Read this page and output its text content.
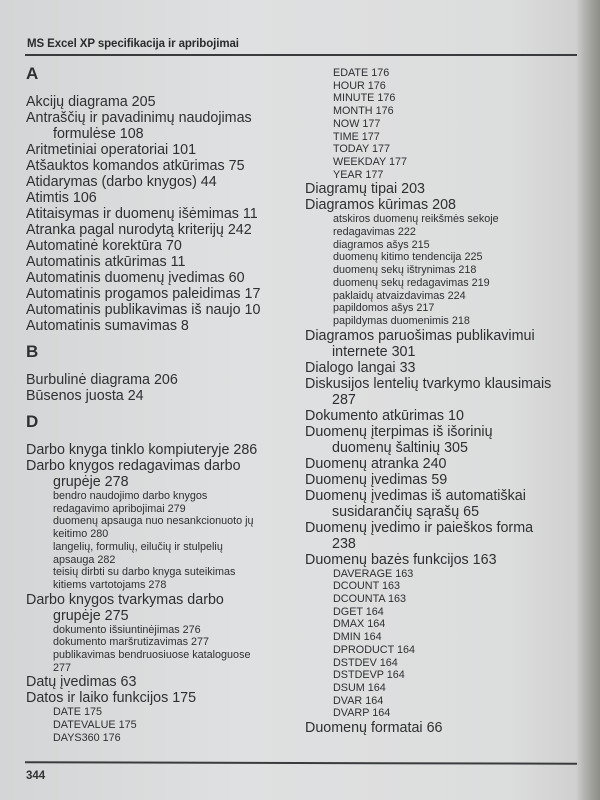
MS Excel XP specifikacija ir apribojimai
A
Akcijų diagrama 205
Antraščių ir pavadinimų naudojimas
formulėse 108
Aritmetiniai operatoriai 101
Atšauktos komandos atkūrimas 75
Atidarymas (darbo knygos) 44
Atimtis 106
Atitaisymas ir duomenų išėmimas 11
Atranka pagal nurodytą kriterijų 242
Automatinė korektūra 70
Automatinis atkūrimas 11
Automatinis duomenų įvedimas 60
Automatinis progamos paleidimas 17
Automatinis publikavimas iš naujo 10
Automatinis sumavimas 8
B
Burbulinė diagrama 206
Būsenos juosta 24
D
Darbo knyga tinklo kompiuteryje 286
Darbo knygos redagavimas darbo
grupėje 278
bendro naudojimo darbo knygos
redagavimo apribojimai 279
duomenų apsauga nuo nesankcionuoto jų
keitimo 280
langelių, formulių, eilučių ir stulpelių
apsauga 282
teisių dirbti su darbo knyga suteikimas
kitiems vartotojams 278
Darbo knygos tvarkymas darbo
grupėje 275
dokumento išsiuntinėjimas 276
dokumento maršrutizavimas 277
publikavimas bendruosiuose kataloguose
277
Datų įvedimas 63
Datos ir laiko funkcijos 175
DATE 175
DATEVALUE 175
DAYS360 176
EDATE 176
HOUR 176
MINUTE 176
MONTH 176
NOW 177
TIME 177
TODAY 177
WEEKDAY 177
YEAR 177
Diagramų tipai 203
Diagramos kūrimas 208
atskiros duomenų reikšmės sekoje
redagavimas 222
diagramos ašys 215
duomenų kitimo tendencija 225
duomenų sekų ištrynimas 218
duomenų sekų redagavimas 219
paklaidų atvaizdavimas 224
papildomos ašys 217
papildymas duomenimis 218
Diagramos paruošimas publikavimui
internete 301
Dialogo langai 33
Diskusijos lentelių tvarkymo klausimais
287
Dokumento atkūrimas 10
Duomenų įterpimas iš išorinių
duomenų šaltinių 305
Duomenų atranka 240
Duomenų įvedimas 59
Duomenų įvedimas iš automatiškai
susidarančių sąrašų 65
Duomenų įvedimo ir paieškos forma
238
Duomenų bazės funkcijos 163
DAVERAGE 163
DCOUNT 163
DCOUNTA 163
DGET 164
DMAX 164
DMIN 164
DPRODUCT 164
DSTDEV 164
DSTDEVP 164
DSUM 164
DVAR 164
DVARP 164
Duomenų formatai 66
344
